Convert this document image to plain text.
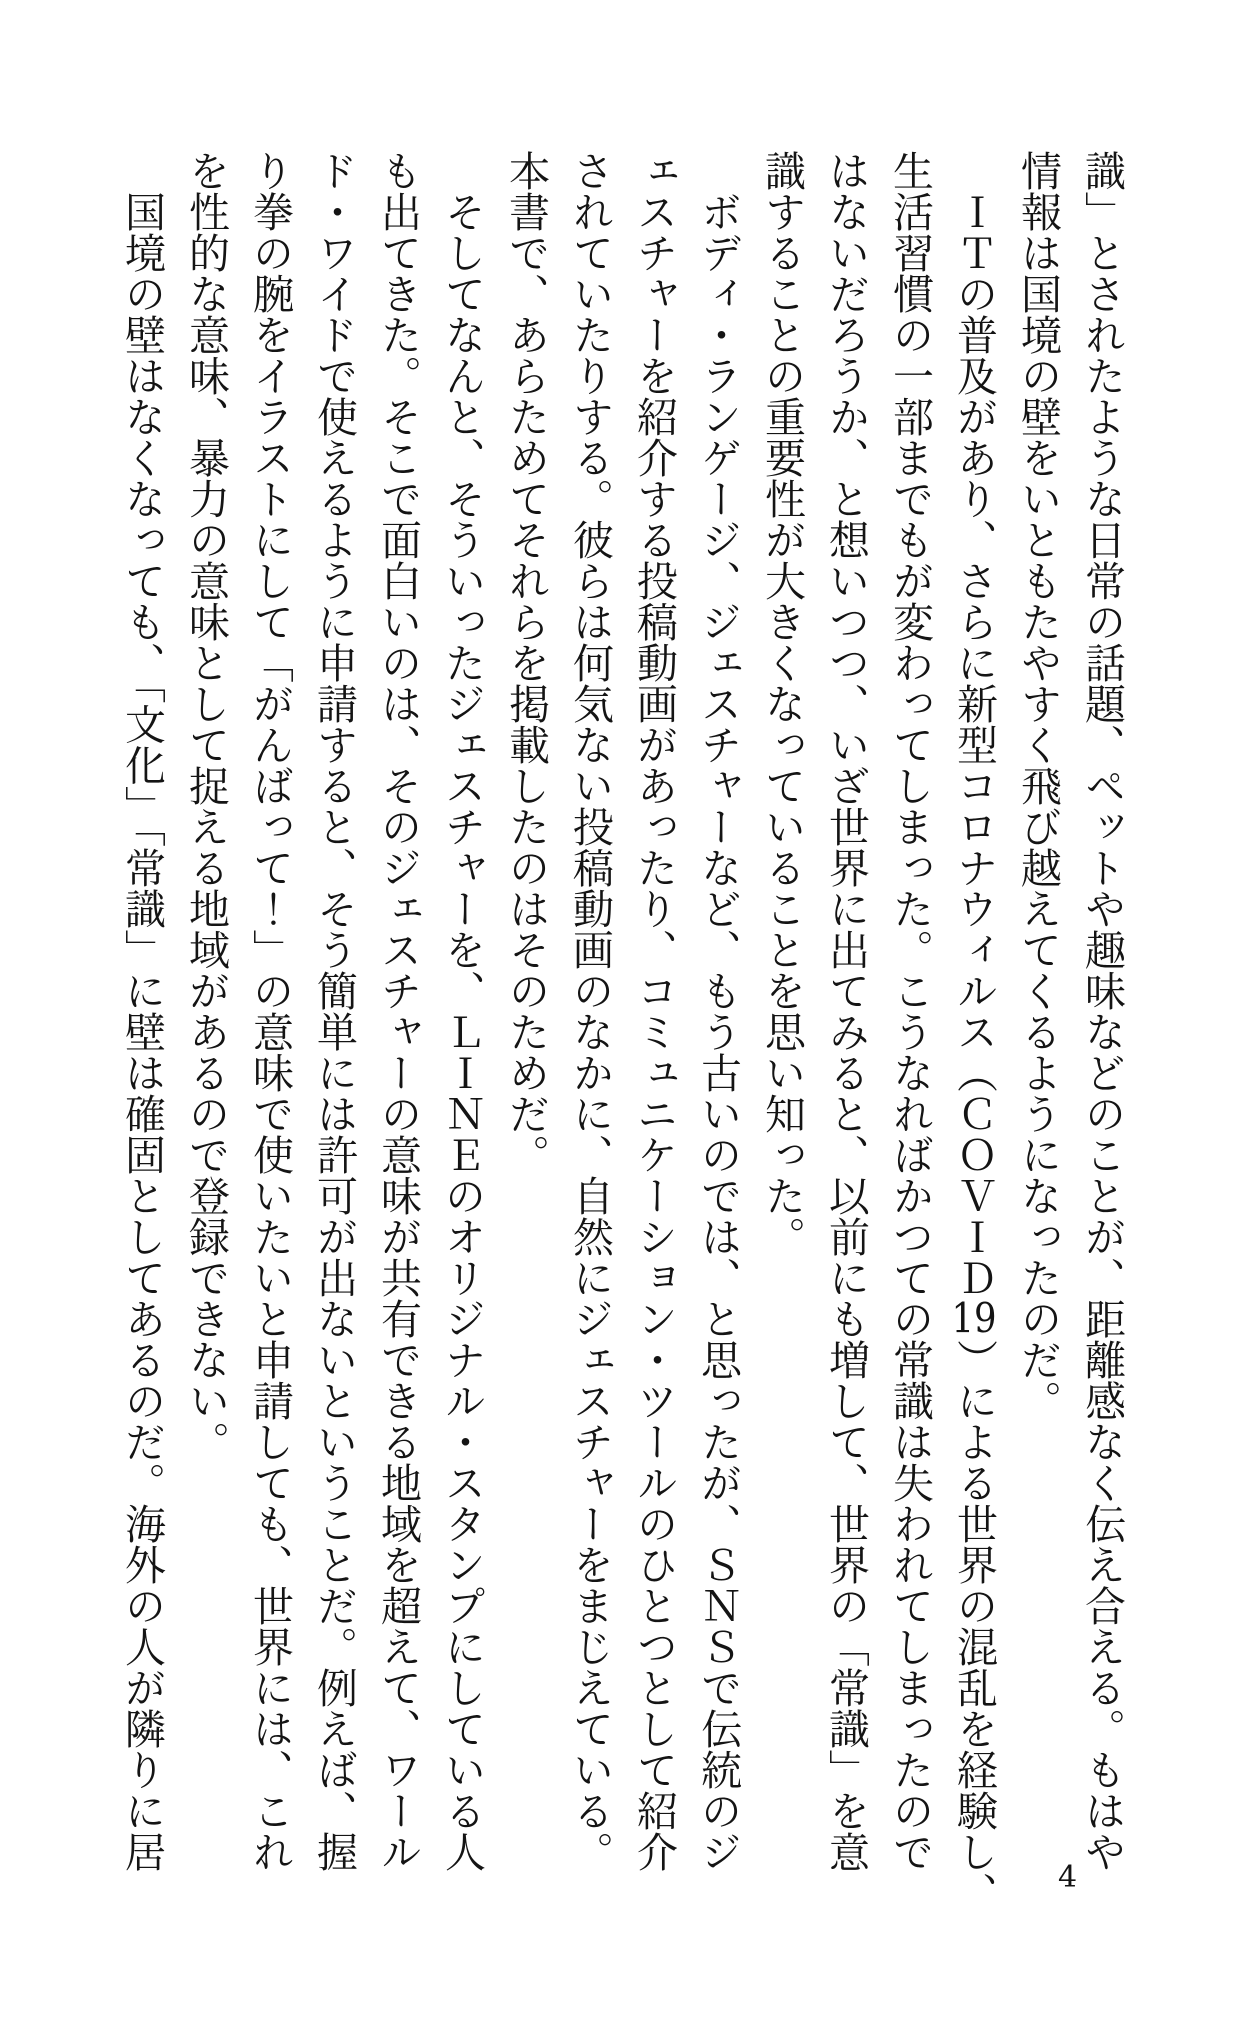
識」とされたような日常の話題、ペットや趣味などのことが、距離感なく伝え合える。もはや
情報は国境の壁をいともたやすく飛び越えてくるようになったのだ。
ＩＴの普及があり、さらに新型コロナウィルス（ＣＯＶＩＤ19）による世界の混乱を経験し、
生活習慣の一部までもが変わってしまった。こうなればかつての常識は失われてしまったので
はないだろうか、と想いつつ、いざ世界に出てみると、以前にも増して、世界の「常識」を意
識することの重要性が大きくなっていることを思い知った。
ボディ・ランゲージ、ジェスチャーなど、もう古いのでは、と思ったが、ＳＮＳで伝統のジ
ェスチャーを紹介する投稿動画があったり、コミュニケーション・ツールのひとつとして紹介
されていたりする。彼らは何気ない投稿動画のなかに、自然にジェスチャーをまじえている。
本書で、あらためてそれらを掲載したのはそのためだ。
そしてなんと、そういったジェスチャーを、ＬＩＮＥのオリジナル・スタンプにしている人
も出てきた。そこで面白いのは、そのジェスチャーの意味が共有できる地域を超えて、ワール
ド・ワイドで使えるように申請すると、そう簡単には許可が出ないということだ。例えば、握
り拳の腕をイラストにして「がんばって！」の意味で使いたいと申請しても、世界には、これ
を性的な意味、暴力の意味として捉える地域があるので登録できない。
国境の壁はなくなっても、「文化」「常識」に壁は確固としてあるのだ。海外の人が隣りに居
4
